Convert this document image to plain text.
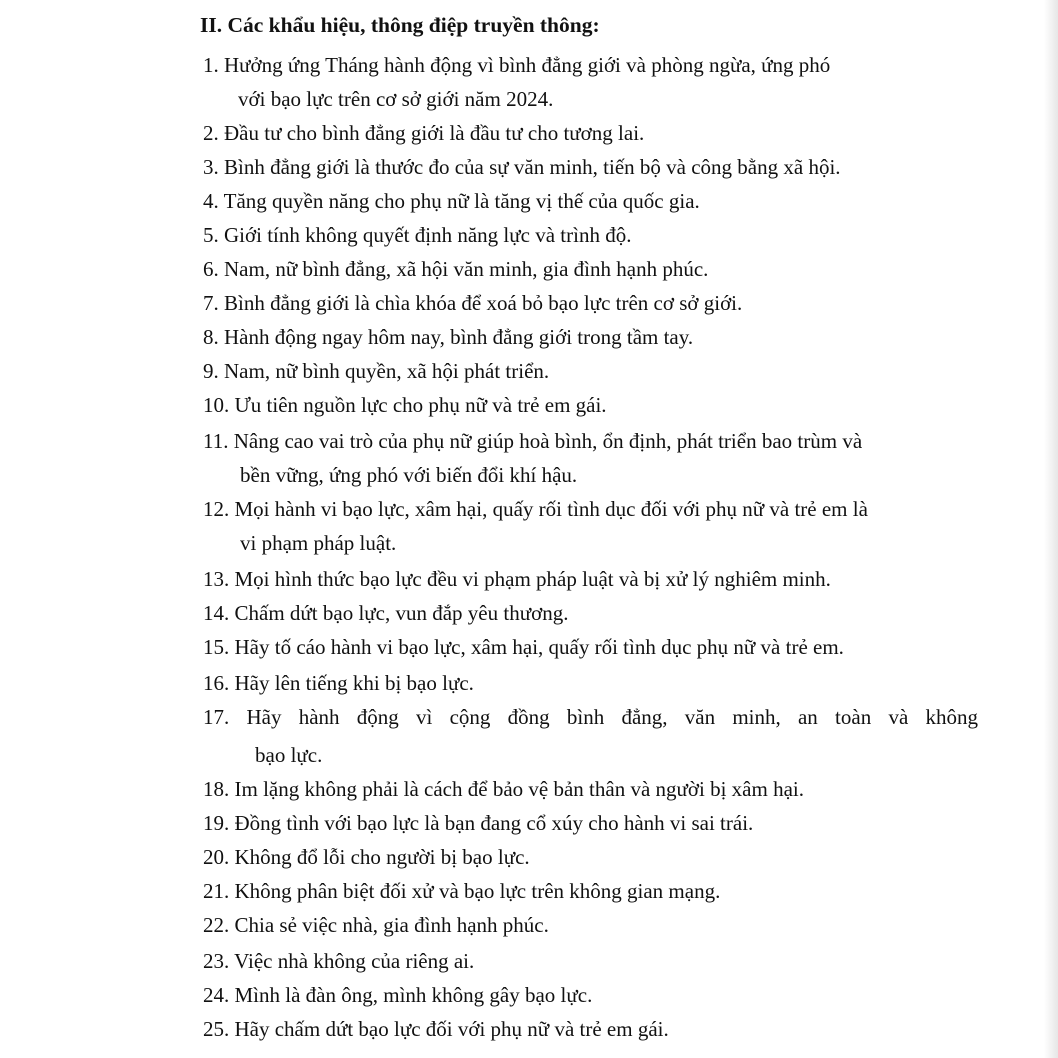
II. Các khẩu hiệu, thông điệp truyền thông:
1. Hưởng ứng Tháng hành động vì bình đẳng giới và phòng ngừa, ứng phó
với bạo lực trên cơ sở giới năm 2024.
2. Đầu tư cho bình đẳng giới là đầu tư cho tương lai.
3. Bình đẳng giới là thước đo của sự văn minh, tiến bộ và công bằng xã hội.
4. Tăng quyền năng cho phụ nữ là tăng vị thế của quốc gia.
5. Giới tính không quyết định năng lực và trình độ.
6. Nam, nữ bình đẳng, xã hội văn minh, gia đình hạnh phúc.
7. Bình đẳng giới là chìa khóa để xoá bỏ bạo lực trên cơ sở giới.
8. Hành động ngay hôm nay, bình đẳng giới trong tầm tay.
9. Nam, nữ bình quyền, xã hội phát triển.
10. Ưu tiên nguồn lực cho phụ nữ và trẻ em gái.
11. Nâng cao vai trò của phụ nữ giúp hoà bình, ổn định, phát triển bao trùm và
bền vững, ứng phó với biến đổi khí hậu.
12. Mọi hành vi bạo lực, xâm hại, quấy rối tình dục đối với phụ nữ và trẻ em là
vi phạm pháp luật.
13. Mọi hình thức bạo lực đều vi phạm pháp luật và bị xử lý nghiêm minh.
14. Chấm dứt bạo lực, vun đắp yêu thương.
15. Hãy tố cáo hành vi bạo lực, xâm hại, quấy rối tình dục phụ nữ và trẻ em.
16. Hãy lên tiếng khi bị bạo lực.
17. Hãy hành động vì cộng đồng bình đẳng, văn minh, an toàn và không
bạo lực.
18. Im lặng không phải là cách để bảo vệ bản thân và người bị xâm hại.
19. Đồng tình với bạo lực là bạn đang cổ xúy cho hành vi sai trái.
20. Không đổ lỗi cho người bị bạo lực.
21. Không phân biệt đối xử và bạo lực trên không gian mạng.
22. Chia sẻ việc nhà, gia đình hạnh phúc.
23. Việc nhà không của riêng ai.
24. Mình là đàn ông, mình không gây bạo lực.
25. Hãy chấm dứt bạo lực đối với phụ nữ và trẻ em gái.
